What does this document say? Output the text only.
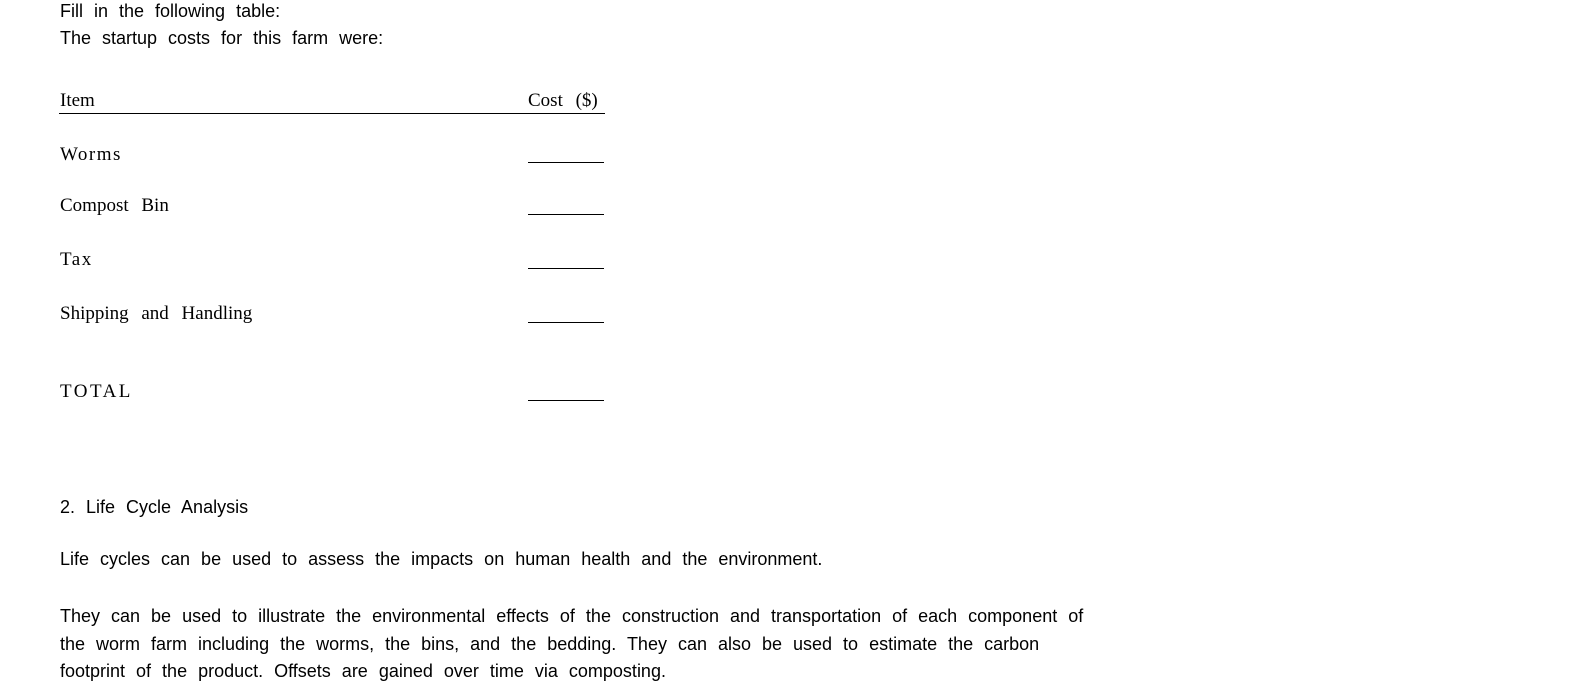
Fill in the following table:
The startup costs for this farm were:
Item	Cost ($)
Worms
Compost Bin
Tax
Shipping and Handling
TOTAL
2. Life Cycle Analysis
Life cycles can be used to assess the impacts on human health and the environment.
They can be used to illustrate the environmental effects of the construction and transportation of each component of
the worm farm including the worms, the bins, and the bedding. They can also be used to estimate the carbon
footprint of the product. Offsets are gained over time via composting.
